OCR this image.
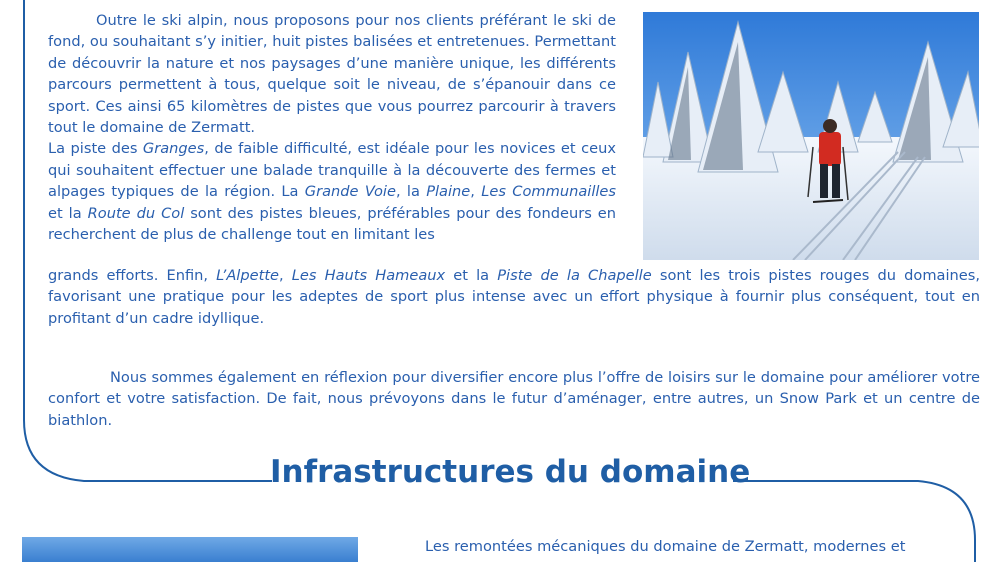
Outre le ski alpin, nous proposons pour nos clients préférant le ski de fond, ou souhaitant s’y initier, huit pistes balisées et entretenues. Permettant de découvrir la nature et nos paysages d’une manière unique, les différents parcours permettent à tous, quelque soit le niveau, de s’épanouir dans ce sport. Ces ainsi 65 kilomètres de pistes que vous pourrez parcourir à travers tout le domaine de Zermatt.
La piste des Granges, de faible difficulté, est idéale pour les novices et ceux qui souhaitent effectuer une balade tranquille à la découverte des fermes et alpages typiques de la région. La Grande Voie, la Plaine, Les Communailles et la Route du Col sont des pistes bleues, préférables pour des fondeurs en recherchent de plus de challenge tout en limitant les

grands efforts. Enfin, L’Alpette, Les Hauts Hameaux et la Piste de la Chapelle sont les trois pistes rouges du domaines, favorisant une pratique pour les adeptes de sport plus intense avec un effort physique à fournir plus conséquent, tout en profitant d’un cadre idyllique.

Nous sommes également en réflexion pour diversifier encore plus l’offre de loisirs sur le domaine pour améliorer votre confort et votre satisfaction. De fait, nous prévoyons dans le futur d’aménager, entre autres, un Snow Park et un centre de biathlon.

Infrastructures du domaine

Les remontées mécaniques du domaine de Zermatt, modernes et
